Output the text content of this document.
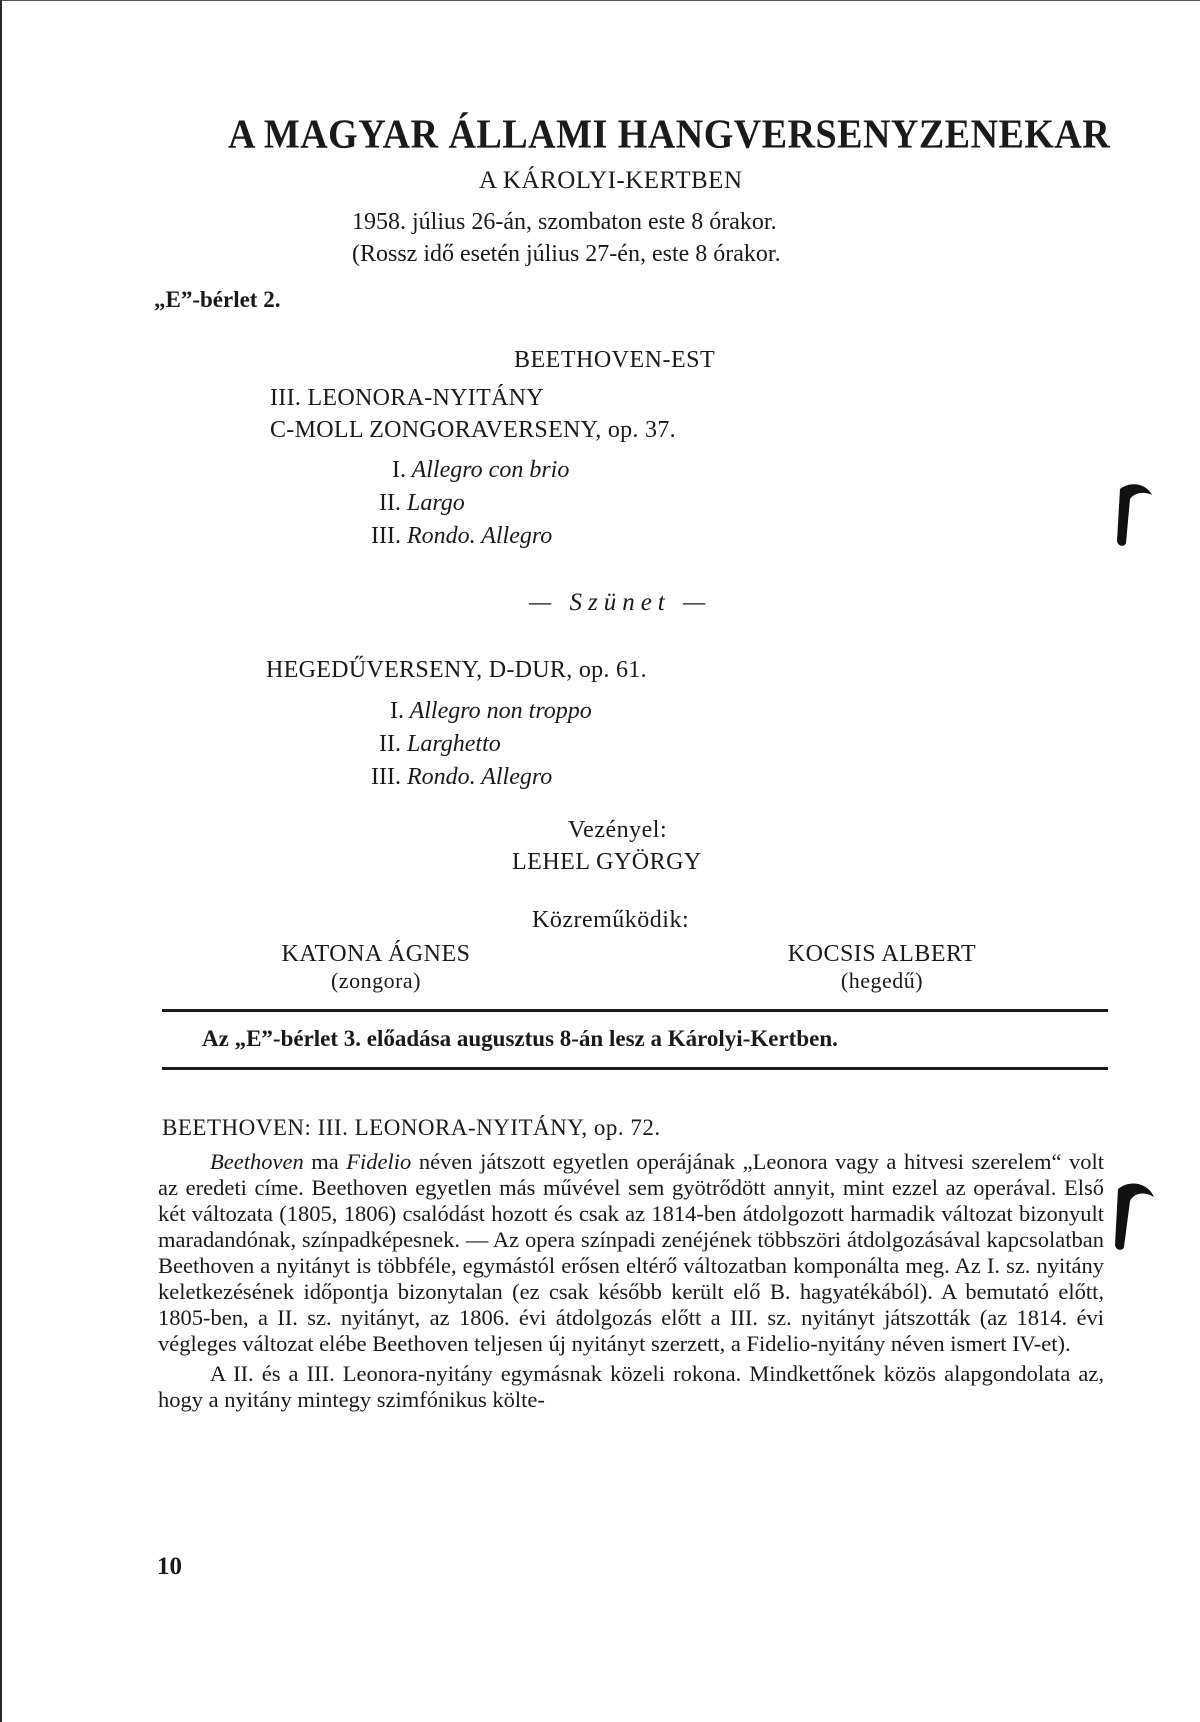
A MAGYAR ÁLLAMI HANGVERSENYZENEKAR
A KÁROLYI-KERTBEN
1958. július 26-án, szombaton este 8 órakor.
(Rossz idő esetén július 27-én, este 8 órakor.
„E”-bérlet 2.
BEETHOVEN-EST
III. LEONORA-NYITÁNY
C-MOLL ZONGORAVERSENY, op. 37.
I. Allegro con brio
II. Largo
III. Rondo. Allegro
— Szünet —
HEGEDŰVERSENY, D-DUR, op. 61.
I. Allegro non troppo
II. Larghetto
III. Rondo. Allegro
Vezényel:
LEHEL GYÖRGY
Közreműködik:
KATONA ÁGNES
(zongora)
KOCSIS ALBERT
(hegedű)
Az „E”-bérlet 3. előadása augusztus 8-án lesz a Károlyi-Kertben.
BEETHOVEN: III. LEONORA-NYITÁNY, op. 72.

Beethoven ma Fidelio néven játszott egyetlen operájának „Leonora vagy a hitvesi szerelem“ volt az eredeti címe. Beethoven egyetlen más művével sem gyötrődött annyit, mint ezzel az operával. Első két változata (1805, 1806) csalódást hozott és csak az 1814-ben átdolgozott harmadik változat bizonyult maradandónak, színpadképesnek. — Az opera színpadi zenéjének többszöri átdolgozásával kapcsolatban Beethoven a nyitányt is többféle, egymástól erősen eltérő változatban komponálta meg. Az I. sz. nyitány keletkezésének időpontja bizonytalan (ez csak később került elő B. hagyatékából). A bemutató előtt, 1805-ben, a II. sz. nyitányt, az 1806. évi átdolgozás előtt a III. sz. nyitányt játszották (az 1814. évi végleges változat elébe Beethoven teljesen új nyitányt szerzett, a Fidelio-nyitány néven ismert IV-et).

A II. és a III. Leonora-nyitány egymásnak közeli rokona. Mindkettőnek közös alapgondolata az, hogy a nyitány mintegy szimfónikus költe-

10
